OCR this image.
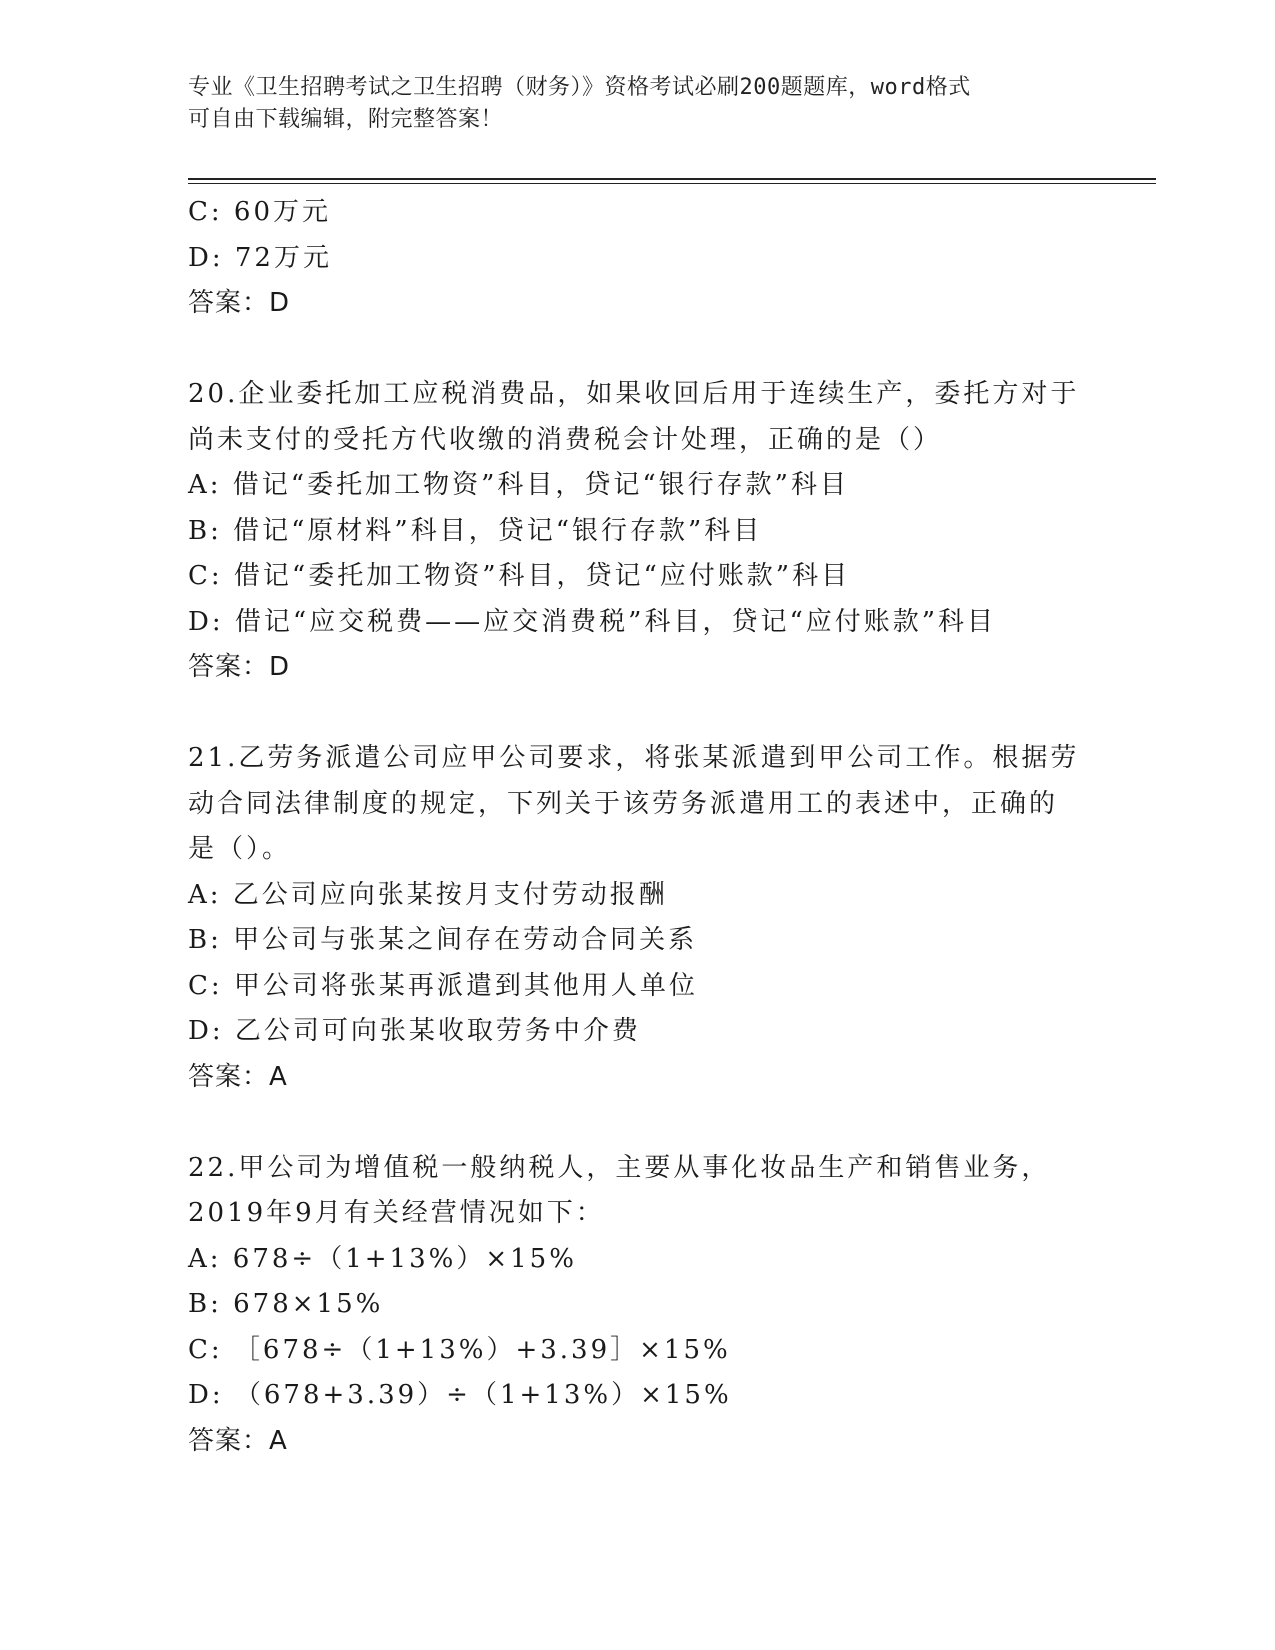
专业《卫生招聘考试之卫生招聘（财务）》资格考试必刷200题题库，word格式
可自由下载编辑，附完整答案！
C: 60万元
D: 72万元
答案：D
20.企业委托加工应税消费品，如果收回后用于连续生产，委托方对于
尚未支付的受托方代收缴的消费税会计处理，正确的是（）
A: 借记“委托加工物资”科目，贷记“银行存款”科目
B: 借记“原材料”科目，贷记“银行存款”科目
C: 借记“委托加工物资”科目，贷记“应付账款”科目
D: 借记“应交税费——应交消费税”科目，贷记“应付账款”科目
答案：D
21.乙劳务派遣公司应甲公司要求，将张某派遣到甲公司工作。根据劳
动合同法律制度的规定，下列关于该劳务派遣用工的表述中，正确的
是（）。
A: 乙公司应向张某按月支付劳动报酬
B: 甲公司与张某之间存在劳动合同关系
C: 甲公司将张某再派遣到其他用人单位
D: 乙公司可向张某收取劳务中介费
答案：A
22.甲公司为增值税一般纳税人，主要从事化妆品生产和销售业务，
2019年9月有关经营情况如下：
A: 678÷（1+13%）×15%
B: 678×15%
C: ［678÷（1+13%）+3.39］×15%
D: （678+3.39）÷（1+13%）×15%
答案：A
